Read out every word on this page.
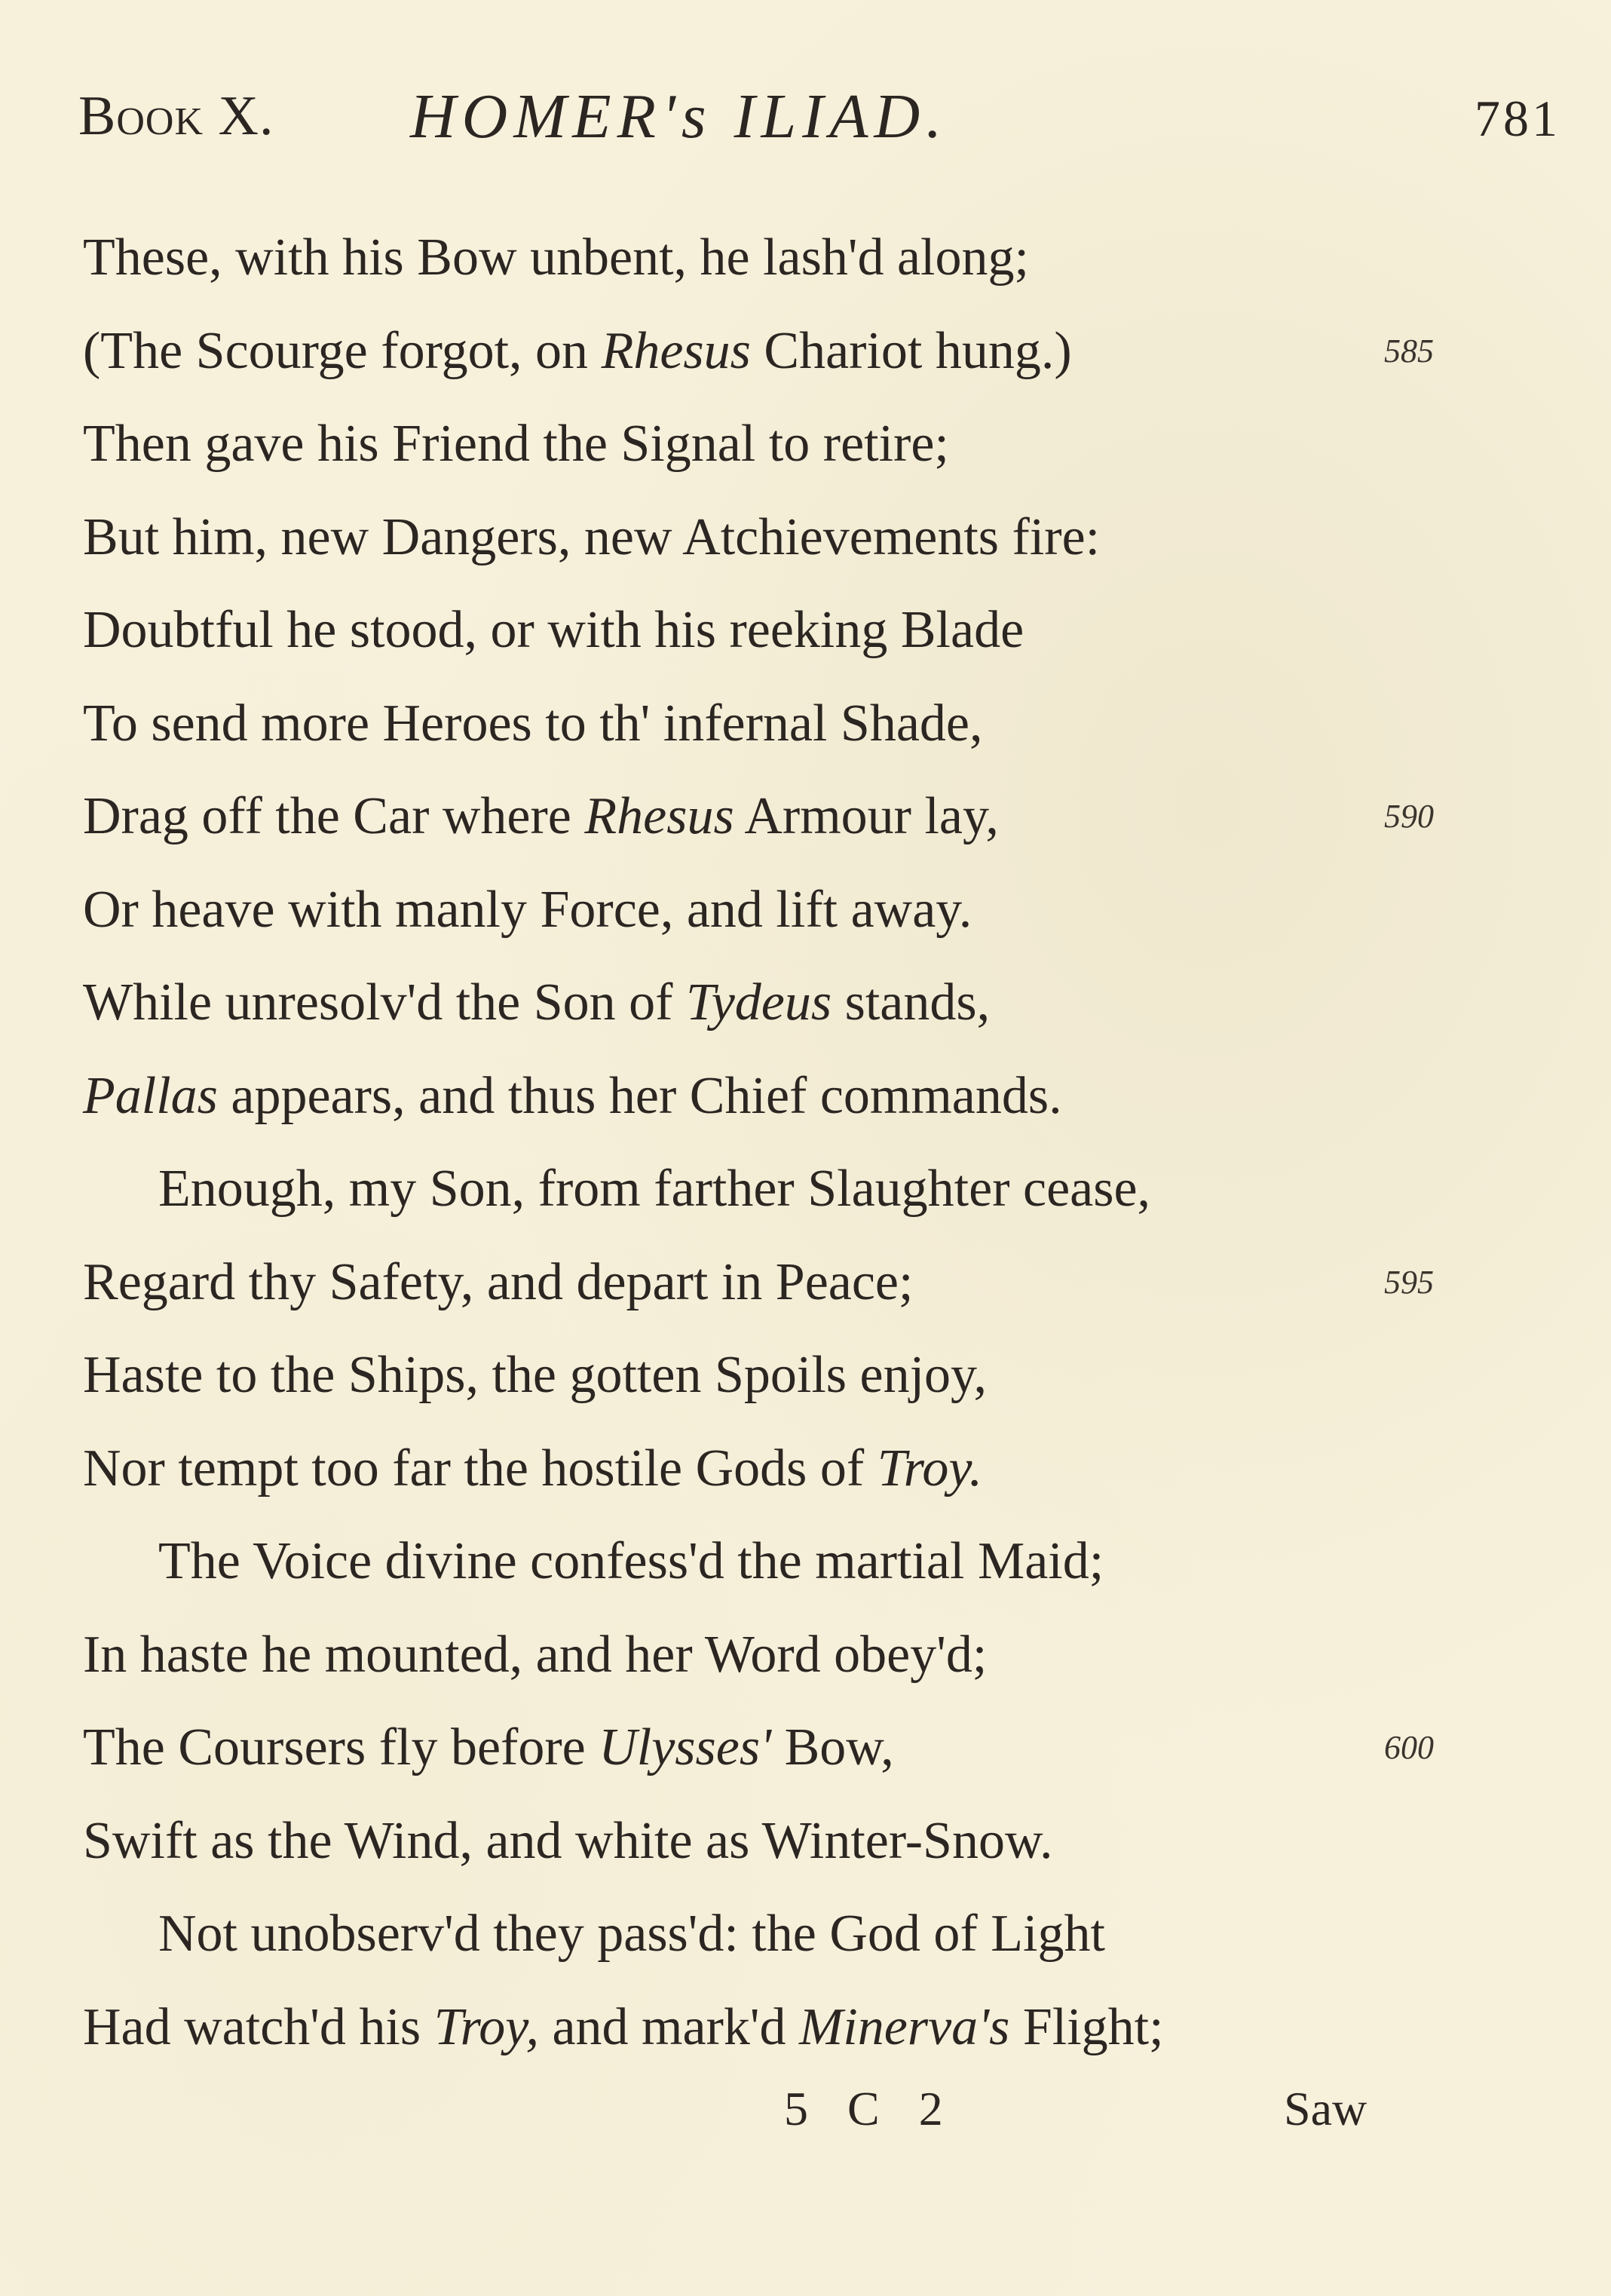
Book X. HOMER's ILIAD.	781
These, with his Bow unbent, he lash'd along;
(The Scourge forgot, on Rhesus Chariot hung.)	585
Then gave his Friend the Signal to retire;
But him, new Dangers, new Atchievements fire:
Doubtful he stood, or with his reeking Blade
To send more Heroes to th' infernal Shade,
Drag off the Car where Rhesus Armour lay,	590
Or heave with manly Force, and lift away.
While unresolv'd the Son of Tydeus stands,
Pallas appears, and thus her Chief commands.
Enough, my Son, from farther Slaughter cease,
Regard thy Safety, and depart in Peace;	595
Haste to the Ships, the gotten Spoils enjoy,
Nor tempt too far the hostile Gods of Troy.
The Voice divine confess'd the martial Maid;
In haste he mounted, and her Word obey'd;
The Coursers fly before Ulysses' Bow,	600
Swift as the Wind, and white as Winter-Snow.
Not unobserv'd they pass'd: the God of Light
Had watch'd his Troy, and mark'd Minerva's Flight;
5 C 2	Saw
